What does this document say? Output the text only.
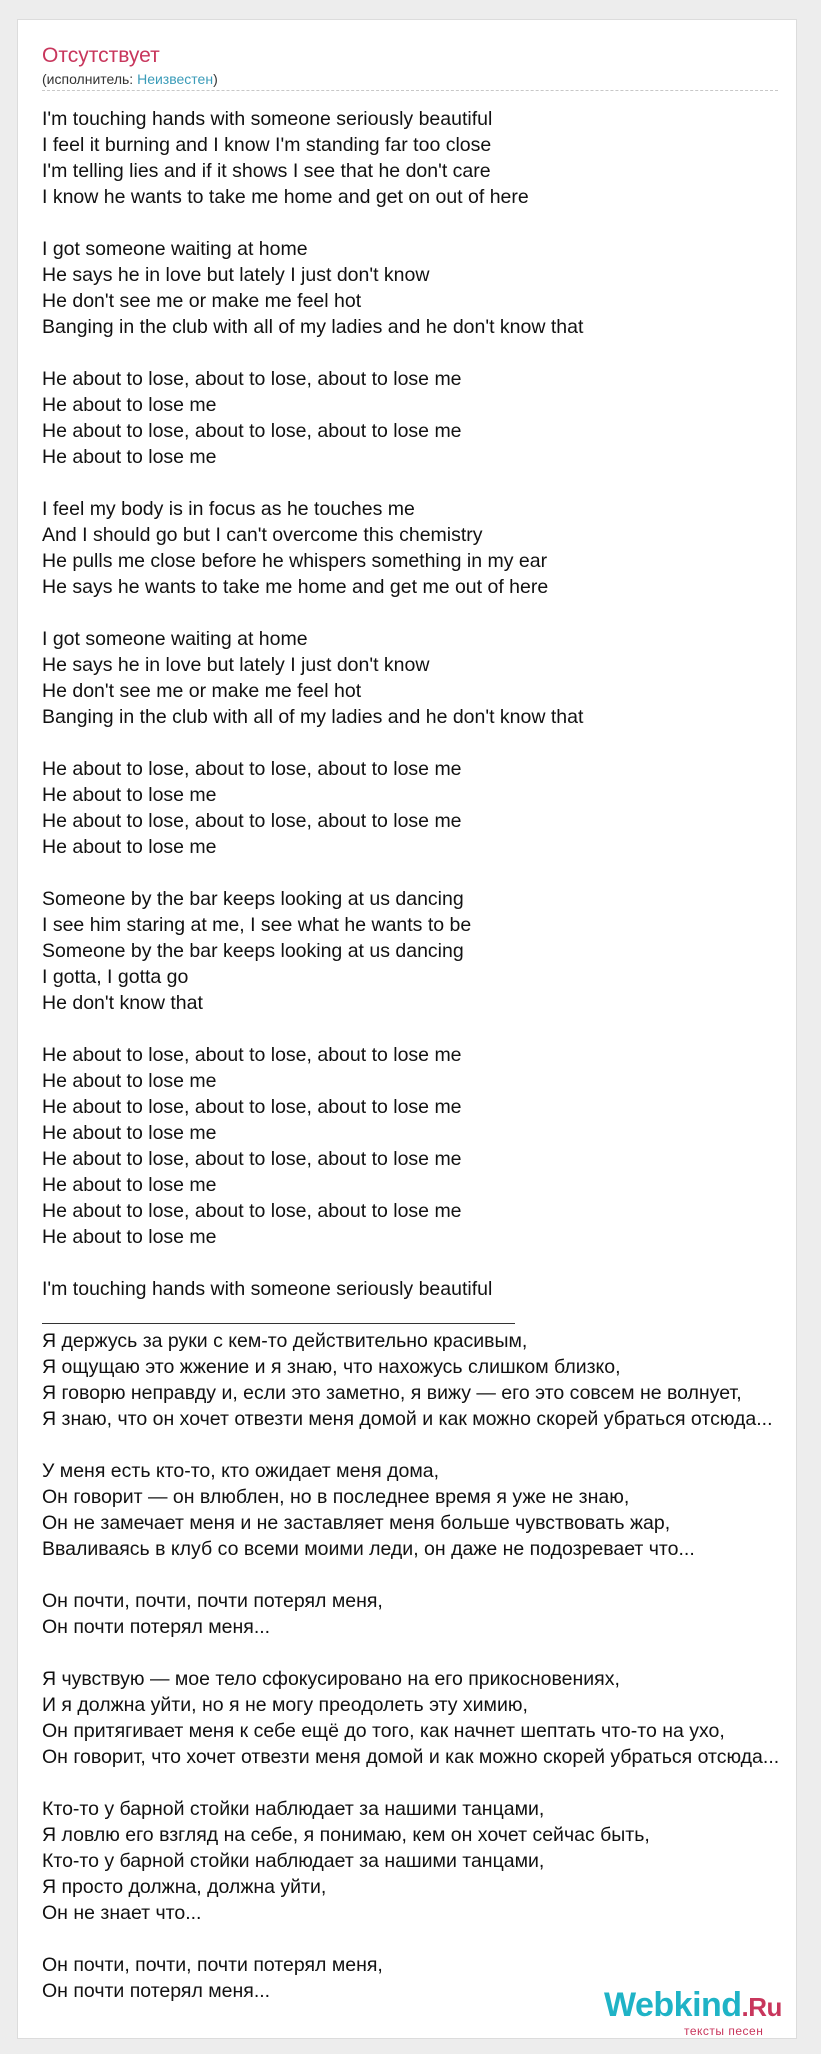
Отсутствует
(исполнитель: Неизвестен)
I'm touching hands with someone seriously beautiful
I feel it burning and I know I'm standing far too close
I'm telling lies and if it shows I see that he don't care
I know he wants to take me home and get on out of here
I got someone waiting at home
He says he in love but lately I just don't know
He don't see me or make me feel hot
Banging in the club with all of my ladies and he don't know that
He about to lose, about to lose, about to lose me
He about to lose me
He about to lose, about to lose, about to lose me
He about to lose me
I feel my body is in focus as he touches me
And I should go but I can't overcome this chemistry
He pulls me close before he whispers something in my ear
He says he wants to take me home and get me out of here
I got someone waiting at home
He says he in love but lately I just don't know
He don't see me or make me feel hot
Banging in the club with all of my ladies and he don't know that
He about to lose, about to lose, about to lose me
He about to lose me
He about to lose, about to lose, about to lose me
He about to lose me
Someone by the bar keeps looking at us dancing
I see him staring at me, I see what he wants to be
Someone by the bar keeps looking at us dancing
I gotta, I gotta go
He don't know that
He about to lose, about to lose, about to lose me
He about to lose me
He about to lose, about to lose, about to lose me
He about to lose me
He about to lose, about to lose, about to lose me
He about to lose me
He about to lose, about to lose, about to lose me
He about to lose me
I'm touching hands with someone seriously beautiful
Я держусь за руки с кем-то действительно красивым,
Я ощущаю это жжение и я знаю, что нахожусь слишком близко,
Я говорю неправду и, если это заметно, я вижу — его это совсем не волнует,
Я знаю, что он хочет отвезти меня домой и как можно скорей убраться отсюда...
У меня есть кто-то, кто ожидает меня дома,
Он говорит — он влюблен, но в последнее время я уже не знаю,
Он не замечает меня и не заставляет меня больше чувствовать жар,
Вваливаясь в клуб со всеми моими леди, он даже не подозревает что...
Он почти, почти, почти потерял меня,
Он почти потерял меня...
Я чувствую — мое тело сфокусировано на его прикосновениях,
И я должна уйти, но я не могу преодолеть эту химию,
Он притягивает меня к себе ещё до того, как начнет шептать что-то на ухо,
Он говорит, что хочет отвезти меня домой и как можно скорей убраться отсюда...
Кто-то у барной стойки наблюдает за нашими танцами,
Я ловлю его взгляд на себе, я понимаю, кем он хочет сейчас быть,
Кто-то у барной стойки наблюдает за нашими танцами,
Я просто должна, должна уйти,
Он не знает что...
Он почти, почти, почти потерял меня,
Он почти потерял меня...	Webkind.Ru
тексты песен
